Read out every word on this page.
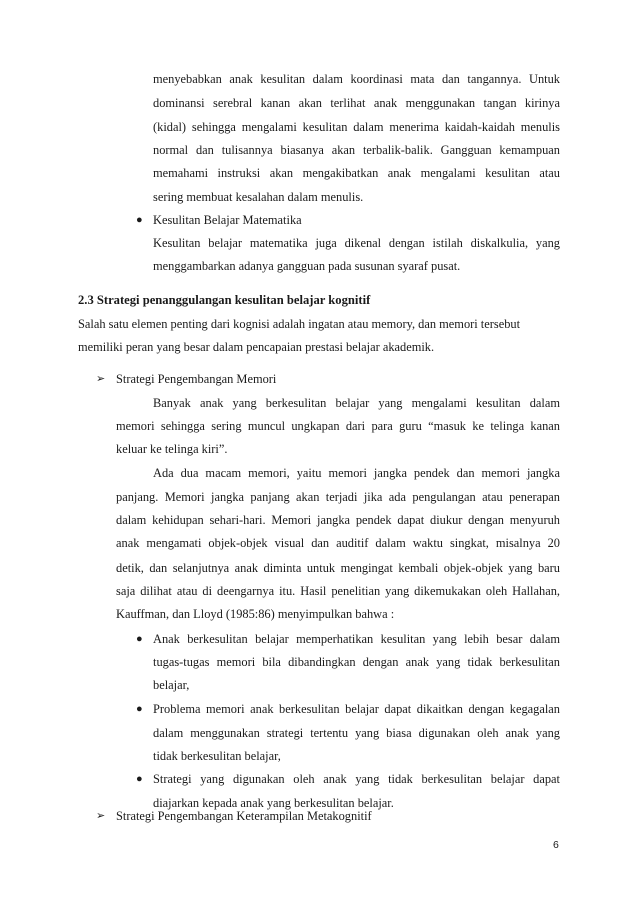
menyebabkan anak kesulitan dalam koordinasi mata dan tangannya. Untuk
dominansi serebral kanan akan terlihat anak menggunakan tangan kirinya
(kidal) sehingga mengalami kesulitan dalam menerima kaidah-kaidah menulis
normal dan tulisannya biasanya akan terbalik-balik. Gangguan kemampuan
memahami instruksi akan mengakibatkan anak mengalami kesulitan atau
sering membuat kesalahan dalam menulis.
● Kesulitan Belajar Matematika
Kesulitan belajar matematika juga dikenal dengan istilah diskalkulia, yang
menggambarkan adanya gangguan pada susunan syaraf pusat.
2.3 Strategi penanggulangan kesulitan belajar kognitif
Salah satu elemen penting dari kognisi adalah ingatan atau memory, dan memori tersebut
memiliki peran yang besar dalam pencapaian prestasi belajar akademik.
➢ Strategi Pengembangan Memori
Banyak anak yang berkesulitan belajar yang mengalami kesulitan dalam
memori sehingga sering muncul ungkapan dari para guru “masuk ke telinga kanan
keluar ke telinga kiri”.
Ada dua macam memori, yaitu memori jangka pendek dan memori jangka
panjang. Memori jangka panjang akan terjadi jika ada pengulangan atau penerapan
dalam kehidupan sehari-hari. Memori jangka pendek dapat diukur dengan menyuruh
anak mengamati objek-objek visual dan auditif dalam waktu singkat, misalnya 20
detik, dan selanjutnya anak diminta untuk mengingat kembali objek-objek yang baru
saja dilihat atau di deengarnya itu. Hasil penelitian yang dikemukakan oleh Hallahan,
Kauffman, dan Lloyd (1985:86) menyimpulkan bahwa :
● Anak berkesulitan belajar memperhatikan kesulitan yang lebih besar dalam
tugas-tugas memori bila dibandingkan dengan anak yang tidak berkesulitan
belajar,
● Problema memori anak berkesulitan belajar dapat dikaitkan dengan kegagalan
dalam menggunakan strategi tertentu yang biasa digunakan oleh anak yang
tidak berkesulitan belajar,
● Strategi yang digunakan oleh anak yang tidak berkesulitan belajar dapat
diajarkan kepada anak yang berkesulitan belajar.
➢ Strategi Pengembangan Keterampilan Metakognitif
6
